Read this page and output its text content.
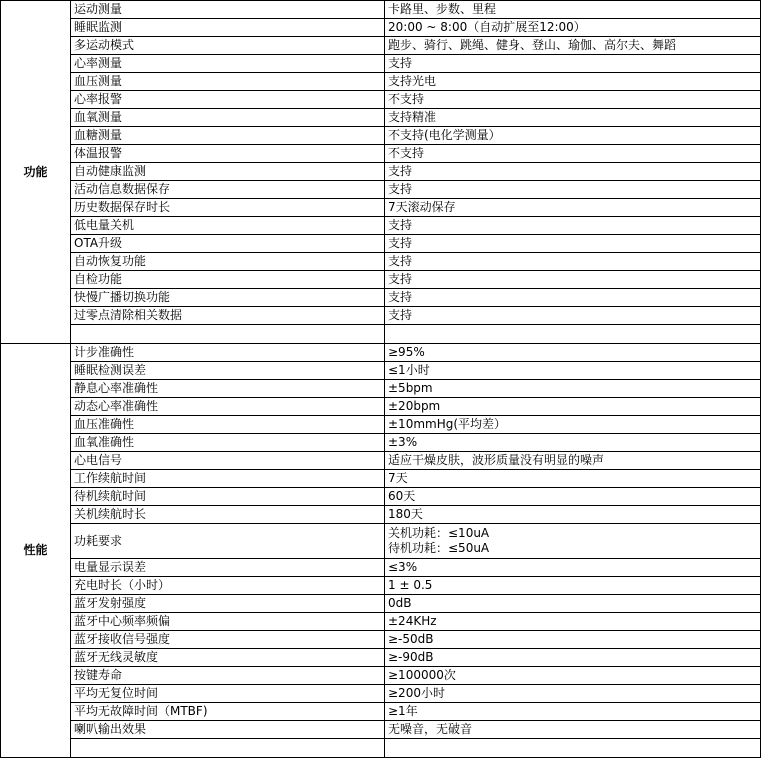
功能	运动测量	卡路里、步数、里程
	睡眠监测	20:00 ~ 8:00（自动扩展至12:00）
	多运动模式	跑步、骑行、跳绳、健身、登山、瑜伽、高尔夫、舞蹈
	心率测量	支持
	血压测量	支持光电
	心率报警	不支持
	血氧测量	支持精准
	血糖测量	不支持(电化学测量）
	体温报警	不支持
	自动健康监测	支持
	活动信息数据保存	支持
	历史数据保存时长	7天滚动保存
	低电量关机	支持
	OTA升级	支持
	自动恢复功能	支持
	自检功能	支持
	快慢广播切换功能	支持
	过零点清除相关数据	支持

性能	计步准确性	≥95%
	睡眠检测误差	≤1小时
	静息心率准确性	±5bpm
	动态心率准确性	±20bpm
	血压准确性	±10mmHg(平均差）
	血氧准确性	±3%
	心电信号	适应干燥皮肤，波形质量没有明显的噪声
	工作续航时间	7天
	待机续航时间	60天
	关机续航时长	180天
	功耗要求	关机功耗：≤10uA
待机功耗：≤50uA

	电量显示误差	≤3%
	充电时长（小时）	1 ± 0.5
	蓝牙发射强度	0dB
	蓝牙中心频率频偏	±24KHz
	蓝牙接收信号强度	≥-50dB
	蓝牙无线灵敏度	≥-90dB
	按键寿命	≥100000次
	平均无复位时间	≥200小时
	平均无故障时间（MTBF)	≥1年
	喇叭输出效果	无噪音，无破音
